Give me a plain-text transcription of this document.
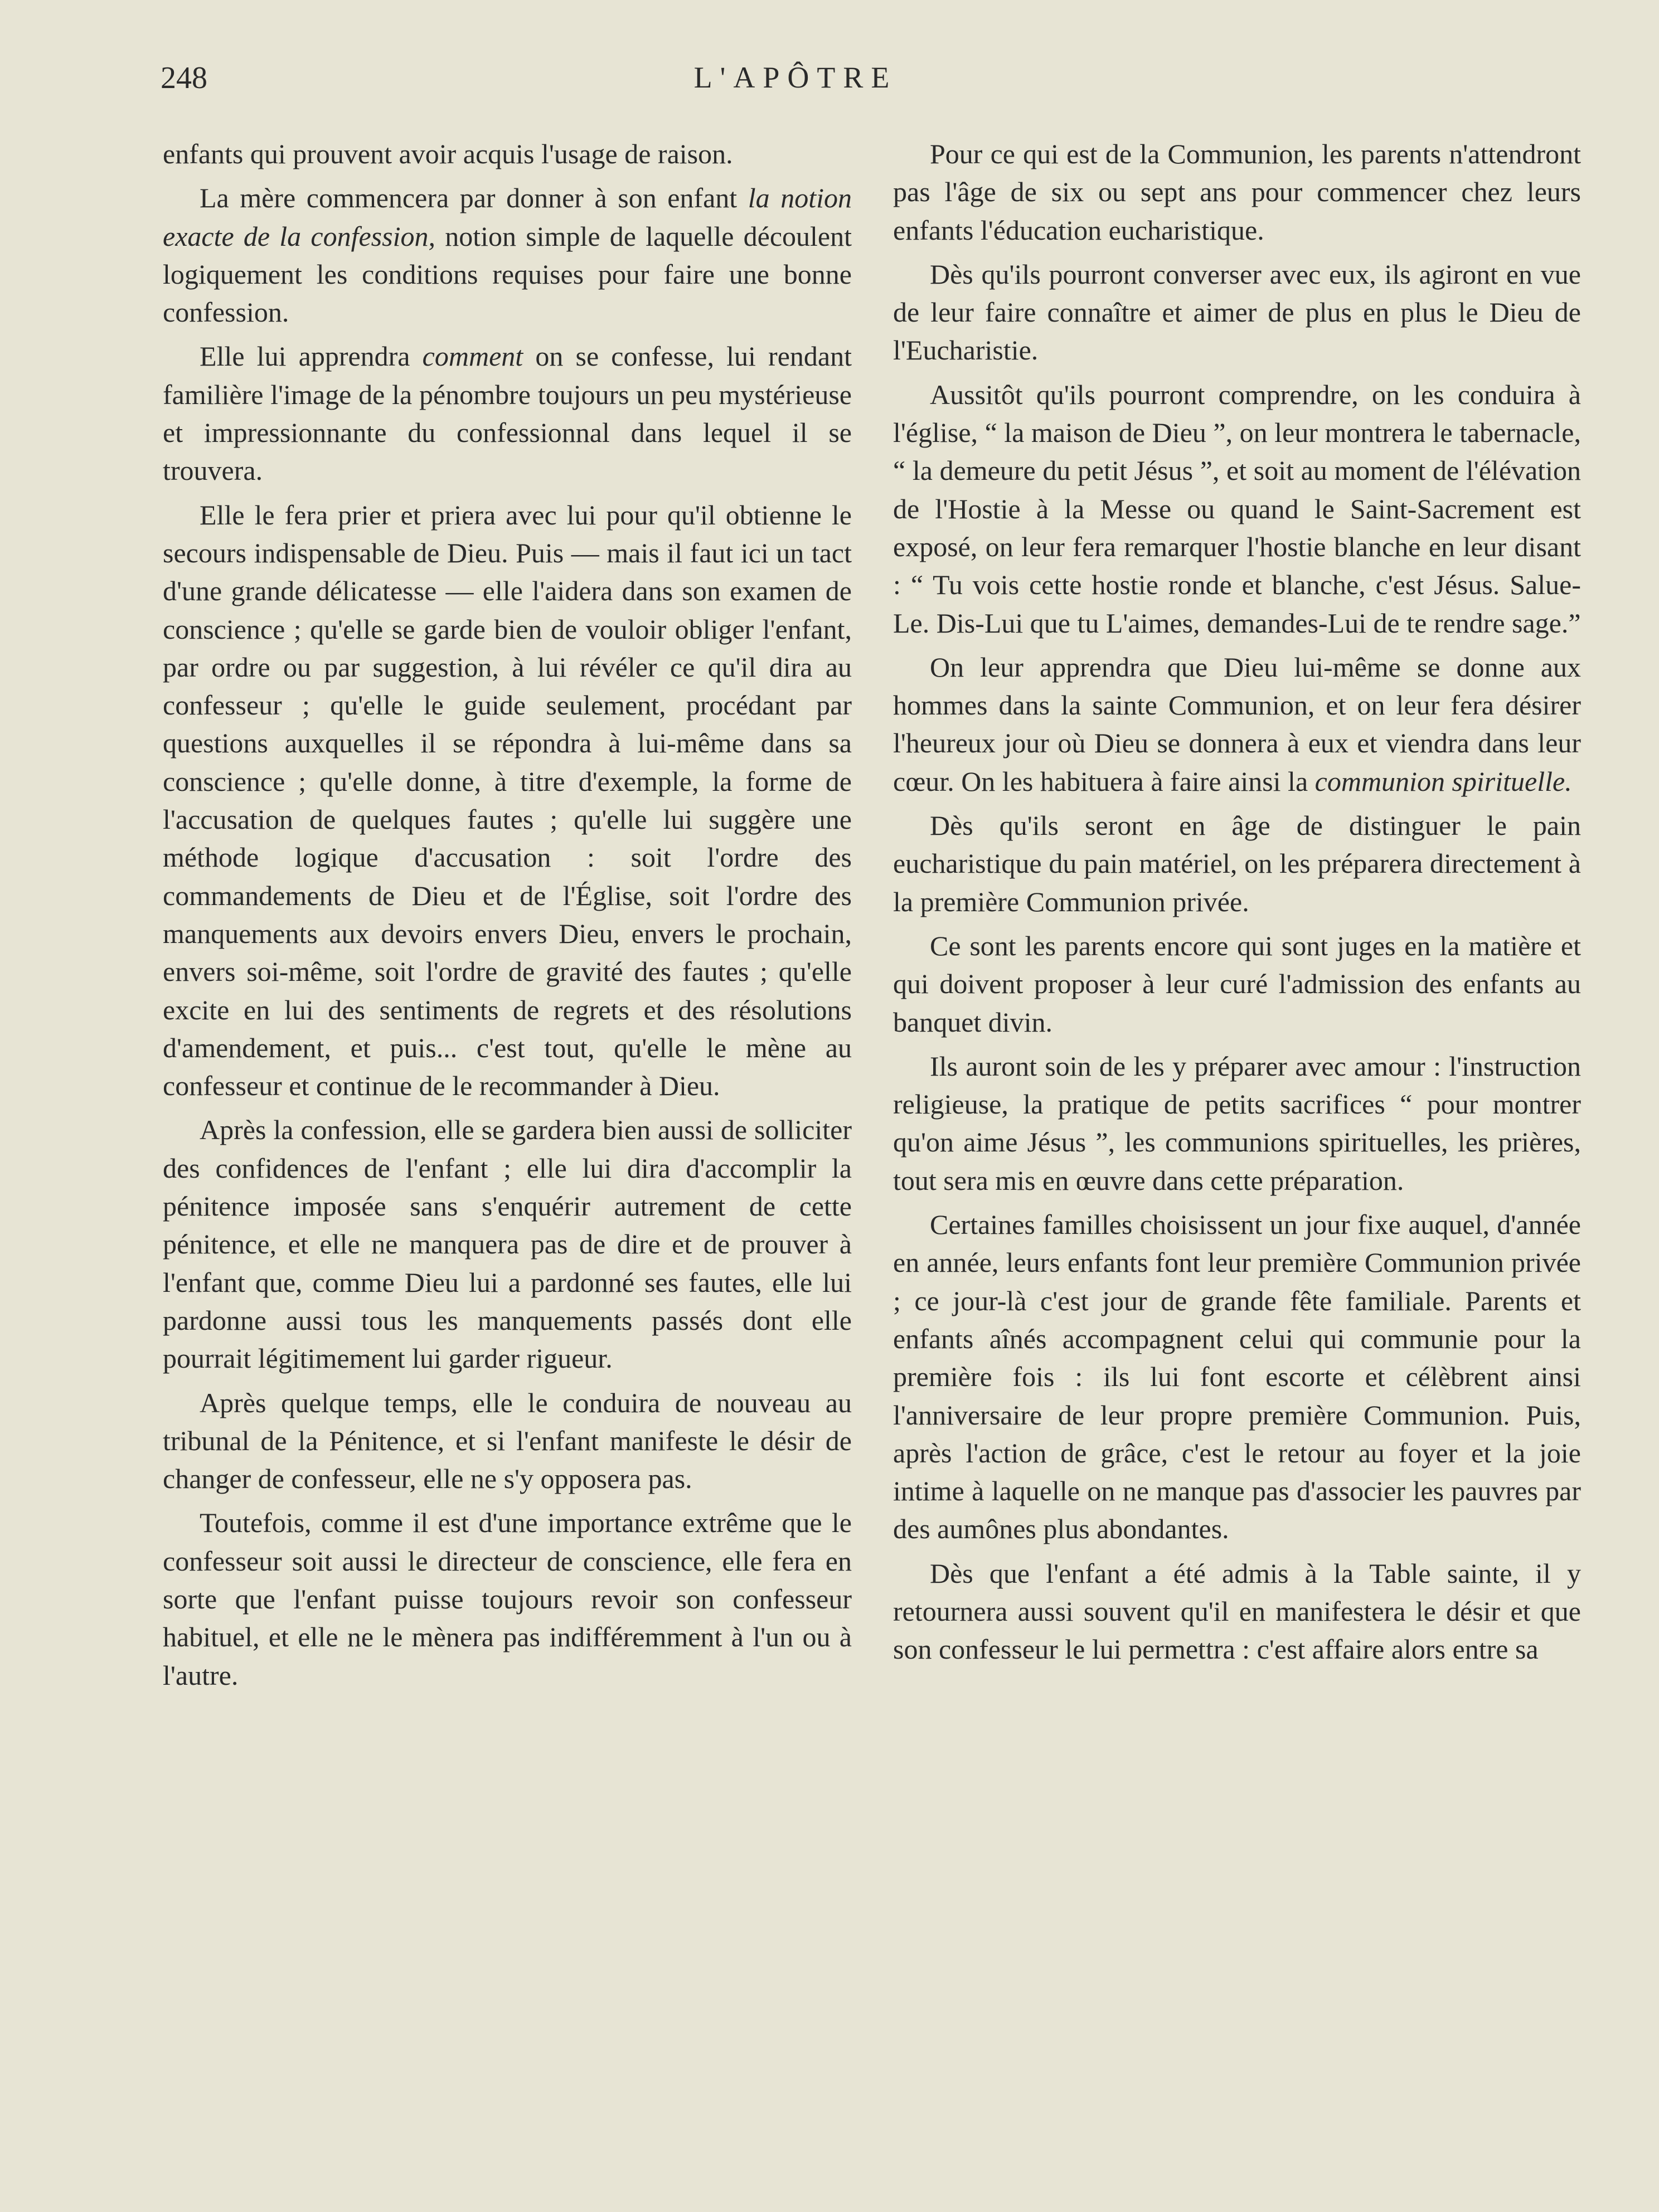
248	L'APÔTRE

enfants qui prouvent avoir acquis l'usage de raison.

La mère commencera par donner à son enfant la notion exacte de la confession, notion simple de laquelle découlent logiquement les conditions requises pour faire une bonne confession.

Elle lui apprendra comment on se confesse, lui rendant familière l'image de la pénombre toujours un peu mystérieuse et impressionnante du confessionnal dans lequel il se trouvera.

Elle le fera prier et priera avec lui pour qu'il obtienne le secours indispensable de Dieu. Puis — mais il faut ici un tact d'une grande délicatesse — elle l'aidera dans son examen de conscience ; qu'elle se garde bien de vouloir obliger l'enfant, par ordre ou par suggestion, à lui révéler ce qu'il dira au confesseur ; qu'elle le guide seulement, procédant par questions auxquelles il se répondra à lui-même dans sa conscience ; qu'elle donne, à titre d'exemple, la forme de l'accusation de quelques fautes ; qu'elle lui suggère une méthode logique d'accusation : soit l'ordre des commandements de Dieu et de l'Église, soit l'ordre des manquements aux devoirs envers Dieu, envers le prochain, envers soi-même, soit l'ordre de gravité des fautes ; qu'elle excite en lui des sentiments de regrets et des résolutions d'amendement, et puis... c'est tout, qu'elle le mène au confesseur et continue de le recommander à Dieu.

Après la confession, elle se gardera bien aussi de solliciter des confidences de l'enfant ; elle lui dira d'accomplir la pénitence imposée sans s'enquérir autrement de cette pénitence, et elle ne manquera pas de dire et de prouver à l'enfant que, comme Dieu lui a pardonné ses fautes, elle lui pardonne aussi tous les manquements passés dont elle pourrait légitimement lui garder rigueur.

Après quelque temps, elle le conduira de nouveau au tribunal de la Pénitence, et si l'enfant manifeste le désir de changer de confesseur, elle ne s'y opposera pas.

Toutefois, comme il est d'une importance extrême que le confesseur soit aussi le directeur de conscience, elle fera en sorte que l'enfant puisse toujours revoir son confesseur habituel, et elle ne le mènera pas indifféremment à l'un ou à l'autre.

Pour ce qui est de la Communion, les parents n'attendront pas l'âge de six ou sept ans pour commencer chez leurs enfants l'éducation eucharistique.

Dès qu'ils pourront converser avec eux, ils agiront en vue de leur faire connaître et aimer de plus en plus le Dieu de l'Eucharistie.

Aussitôt qu'ils pourront comprendre, on les conduira à l'église, “ la maison de Dieu ”, on leur montrera le tabernacle, “ la demeure du petit Jésus ”, et soit au moment de l'élévation de l'Hostie à la Messe ou quand le Saint-Sacrement est exposé, on leur fera remarquer l'hostie blanche en leur disant : “ Tu vois cette hostie ronde et blanche, c'est Jésus. Salue-Le. Dis-Lui que tu L'aimes, demandes-Lui de te rendre sage.”

On leur apprendra que Dieu lui-même se donne aux hommes dans la sainte Communion, et on leur fera désirer l'heureux jour où Dieu se donnera à eux et viendra dans leur cœur. On les habituera à faire ainsi la communion spirituelle.

Dès qu'ils seront en âge de distinguer le pain eucharistique du pain matériel, on les préparera directement à la première Communion privée.

Ce sont les parents encore qui sont juges en la matière et qui doivent proposer à leur curé l'admission des enfants au banquet divin.

Ils auront soin de les y préparer avec amour : l'instruction religieuse, la pratique de petits sacrifices “ pour montrer qu'on aime Jésus ”, les communions spirituelles, les prières, tout sera mis en œuvre dans cette préparation.

Certaines familles choisissent un jour fixe auquel, d'année en année, leurs enfants font leur première Communion privée ; ce jour-là c'est jour de grande fête familiale. Parents et enfants aînés accompagnent celui qui communie pour la première fois : ils lui font escorte et célèbrent ainsi l'anniversaire de leur propre première Communion. Puis, après l'action de grâce, c'est le retour au foyer et la joie intime à laquelle on ne manque pas d'associer les pauvres par des aumônes plus abondantes.

Dès que l'enfant a été admis à la Table sainte, il y retournera aussi souvent qu'il en manifestera le désir et que son confesseur le lui permettra : c'est affaire alors entre sa
